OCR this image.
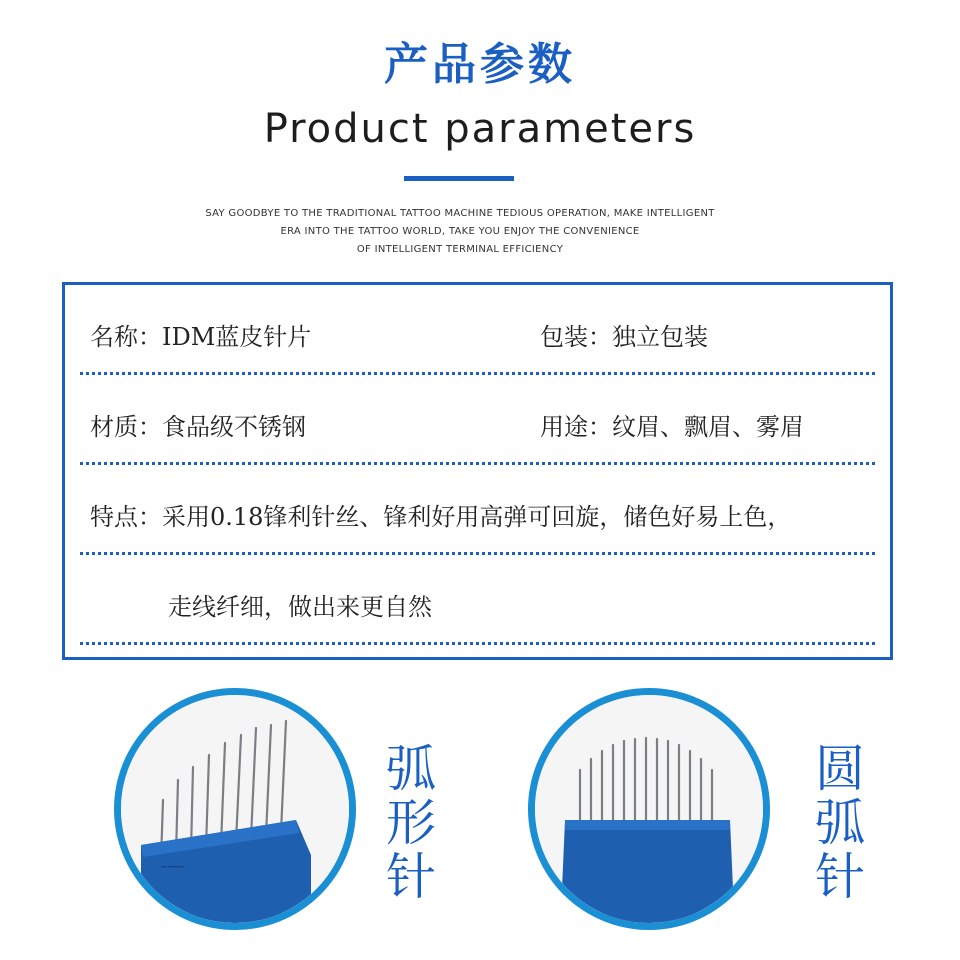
产品参数
Product parameters
SAY GOODBYE TO THE TRADITIONAL TATTOO MACHINE TEDIOUS OPERATION, MAKE INTELLIGENT
ERA INTO THE TATTOO WORLD, TAKE YOU ENJOY THE CONVENIENCE
OF INTELLIGENT TERMINAL EFFICIENCY
名称：IDM蓝皮针片	包装：独立包装
材质：食品级不锈钢	用途：纹眉、飘眉、雾眉
特点：采用0.18锋利针丝、锋利好用高弹可回旋，储色好易上色，
走线纤细，做出来更自然
~~~~
弧
形
针
圆
弧
针
